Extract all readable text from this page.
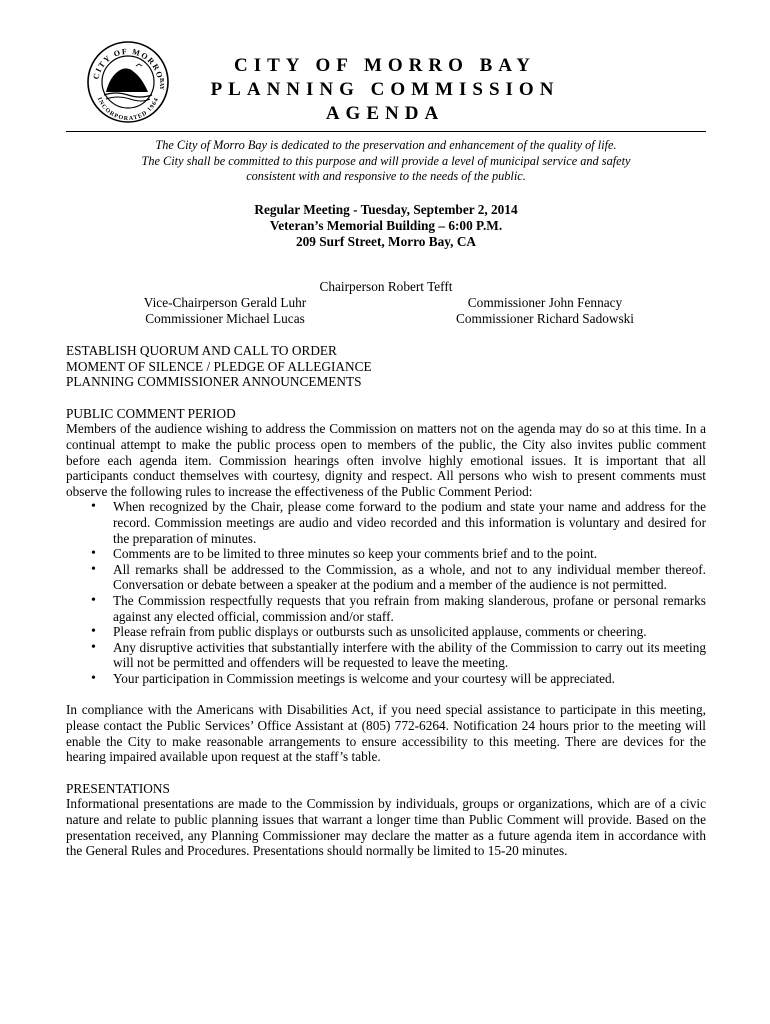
CITY OF MORRO
INCORPORATED 1964
BAY
CITY OF MORRO BAY
PLANNING COMMISSION
AGENDA
The City of Morro Bay is dedicated to the preservation and enhancement of the quality of life.
The City shall be committed to this purpose and will provide a level of municipal service and safety
consistent with and responsive to the needs of the public.
Regular Meeting - Tuesday, September 2, 2014
Veteran’s Memorial Building – 6:00 P.M.
209 Surf Street, Morro Bay, CA
Chairperson Robert Tefft
Vice-Chairperson Gerald Luhr
Commissioner Michael Lucas
Commissioner John Fennacy
Commissioner Richard Sadowski
ESTABLISH QUORUM AND CALL TO ORDER
MOMENT OF SILENCE / PLEDGE OF ALLEGIANCE
PLANNING COMMISSIONER ANNOUNCEMENTS
PUBLIC COMMENT PERIOD

Members of the audience wishing to address the Commission on matters not on the agenda may do so at this time. In a continual attempt to make the public process open to members of the public, the City also invites public comment before each agenda item. Commission hearings often involve highly emotional issues. It is important that all participants conduct themselves with courtesy, dignity and respect. All persons who wish to present comments must observe the following rules to increase the effectiveness of the Public Comment Period:

• When recognized by the Chair, please come forward to the podium and state your name and address for the record. Commission meetings are audio and video recorded and this information is voluntary and desired for the preparation of minutes.
• Comments are to be limited to three minutes so keep your comments brief and to the point.
• All remarks shall be addressed to the Commission, as a whole, and not to any individual member thereof. Conversation or debate between a speaker at the podium and a member of the audience is not permitted.
• The Commission respectfully requests that you refrain from making slanderous, profane or personal remarks against any elected official, commission and/or staff.
• Please refrain from public displays or outbursts such as unsolicited applause, comments or cheering.
• Any disruptive activities that substantially interfere with the ability of the Commission to carry out its meeting will not be permitted and offenders will be requested to leave the meeting.
• Your participation in Commission meetings is welcome and your courtesy will be appreciated.

In compliance with the Americans with Disabilities Act, if you need special assistance to participate in this meeting, please contact the Public Services’ Office Assistant at (805) 772-6264. Notification 24 hours prior to the meeting will enable the City to make reasonable arrangements to ensure accessibility to this meeting. There are devices for the hearing impaired available upon request at the staff’s table.

PRESENTATIONS

Informational presentations are made to the Commission by individuals, groups or organizations, which are of a civic nature and relate to public planning issues that warrant a longer time than Public Comment will provide. Based on the presentation received, any Planning Commissioner may declare the matter as a future agenda item in accordance with the General Rules and Procedures. Presentations should normally be limited to 15-20 minutes.
